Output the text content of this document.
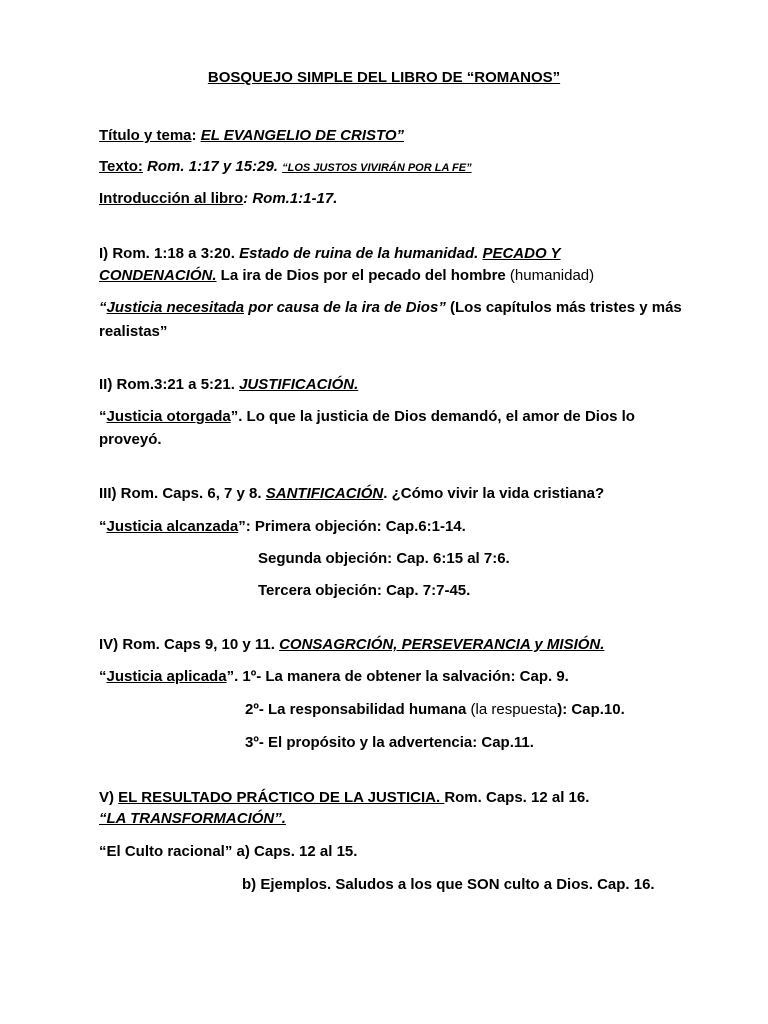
BOSQUEJO SIMPLE DEL LIBRO DE “ROMANOS”
Título y tema: EL EVANGELIO DE CRISTO”
Texto: Rom. 1:17 y 15:29. “LOS JUSTOS VIVIRÁN POR LA FE”
Introducción al libro: Rom.1:1-17.
I) Rom. 1:18 a 3:20. Estado de ruina de la humanidad. PECADO Y
CONDENACIÓN. La ira de Dios por el pecado del hombre (humanidad)
“Justicia necesitada por causa de la ira de Dios” (Los capítulos más tristes y más
realistas”
II) Rom.3:21 a 5:21. JUSTIFICACIÓN.
“Justicia otorgada”. Lo que la justicia de Dios demandó, el amor de Dios lo
proveyó.
III) Rom. Caps. 6, 7 y 8. SANTIFICACIÓN. ¿Cómo vivir la vida cristiana?
“Justicia alcanzada”: Primera objeción: Cap.6:1-14.
Segunda objeción: Cap. 6:15 al 7:6.
Tercera objeción: Cap. 7:7-45.
IV) Rom. Caps 9, 10 y 11. CONSAGRCIÓN, PERSEVERANCIA y MISIÓN.
“Justicia aplicada”. 1º- La manera de obtener la salvación: Cap. 9.
2º- La responsabilidad humana (la respuesta): Cap.10.
3º- El propósito y la advertencia: Cap.11.
V) EL RESULTADO PRÁCTICO DE LA JUSTICIA. Rom. Caps. 12 al 16.
“LA TRANSFORMACIÓN”.
“El Culto racional” a) Caps. 12 al 15.
b) Ejemplos. Saludos a los que SON culto a Dios. Cap. 16.
